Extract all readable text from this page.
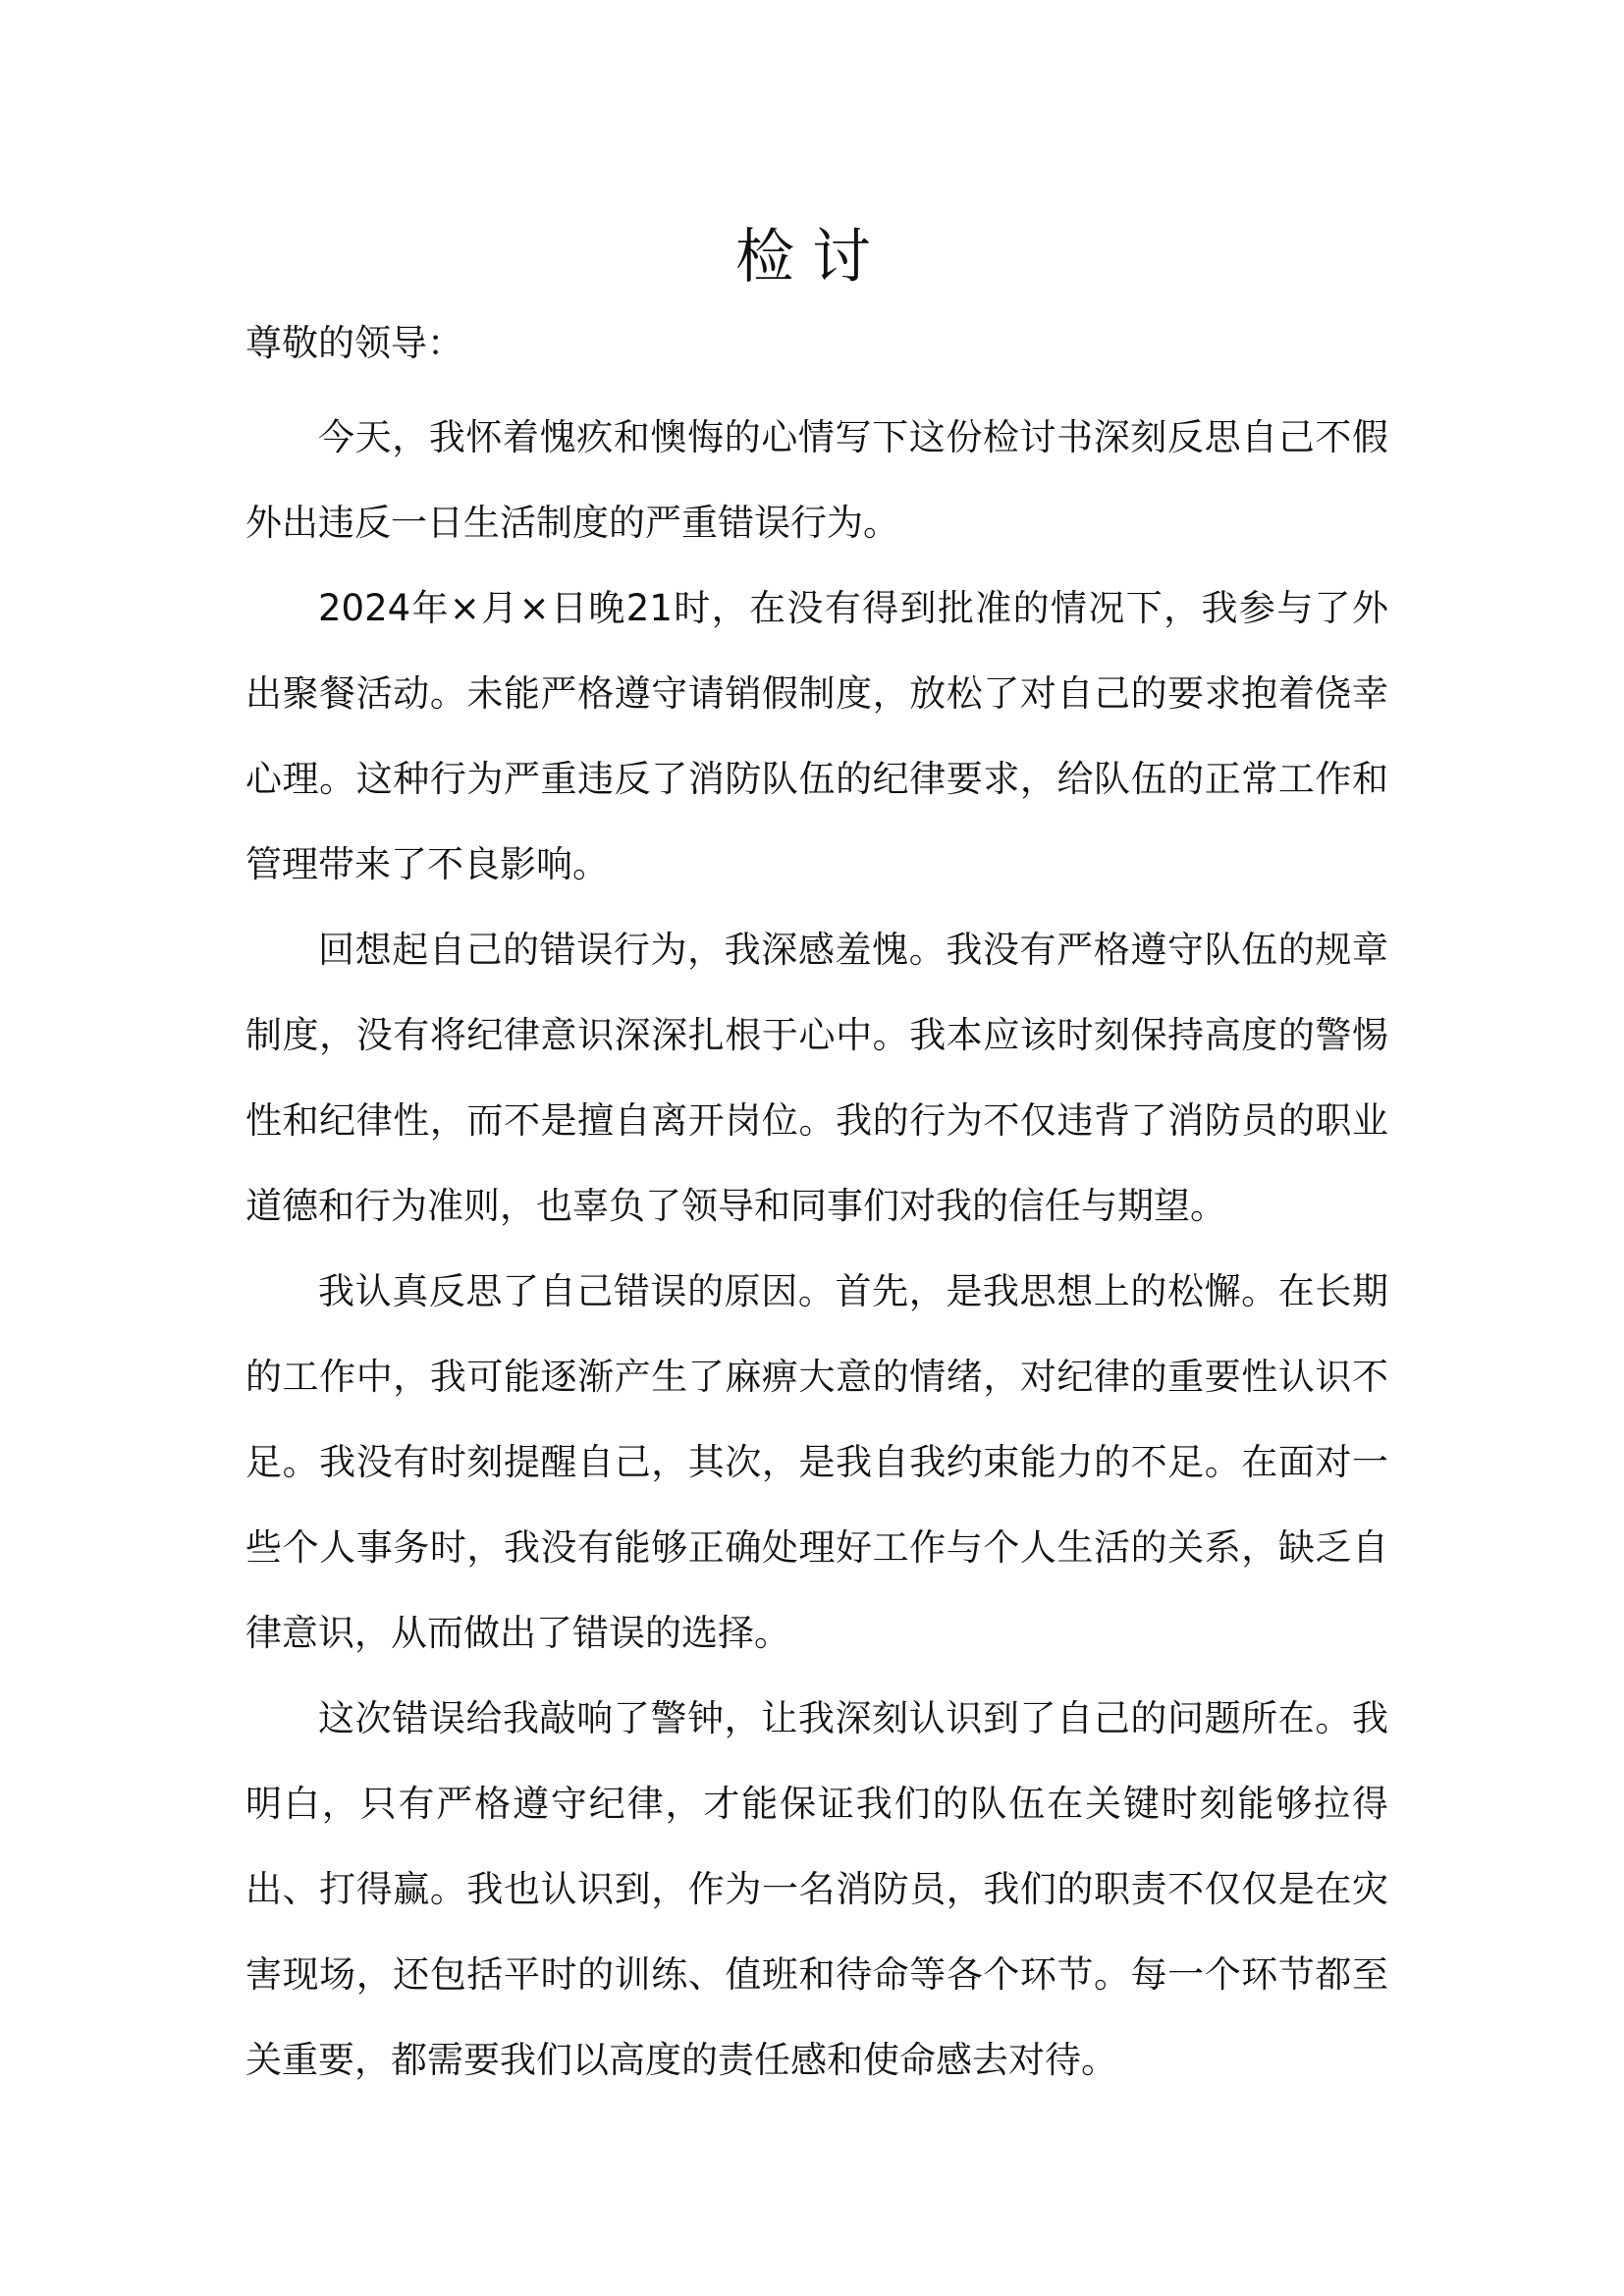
检讨

尊敬的领导：

今天，我怀着愧疚和懊悔的心情写下这份检讨书深刻反思自己不假外出违反一日生活制度的严重错误行为。

2024年×月×日晚21时，在没有得到批准的情况下，我参与了外出聚餐活动。未能严格遵守请销假制度，放松了对自己的要求抱着侥幸心理。这种行为严重违反了消防队伍的纪律要求，给队伍的正常工作和管理带来了不良影响。

回想起自己的错误行为，我深感羞愧。我没有严格遵守队伍的规章制度，没有将纪律意识深深扎根于心中。我本应该时刻保持高度的警惕性和纪律性，而不是擅自离开岗位。我的行为不仅违背了消防员的职业道德和行为准则，也辜负了领导和同事们对我的信任与期望。

我认真反思了自己错误的原因。首先，是我思想上的松懈。在长期的工作中，我可能逐渐产生了麻痹大意的情绪，对纪律的重要性认识不足。我没有时刻提醒自己，其次，是我自我约束能力的不足。在面对一些个人事务时，我没有能够正确处理好工作与个人生活的关系，缺乏自律意识，从而做出了错误的选择。

这次错误给我敲响了警钟，让我深刻认识到了自己的问题所在。我明白，只有严格遵守纪律，才能保证我们的队伍在关键时刻能够拉得出、打得赢。我也认识到，作为一名消防员，我们的职责不仅仅是在灾害现场，还包括平时的训练、值班和待命等各个环节。每一个环节都至关重要，都需要我们以高度的责任感和使命感去对待。
